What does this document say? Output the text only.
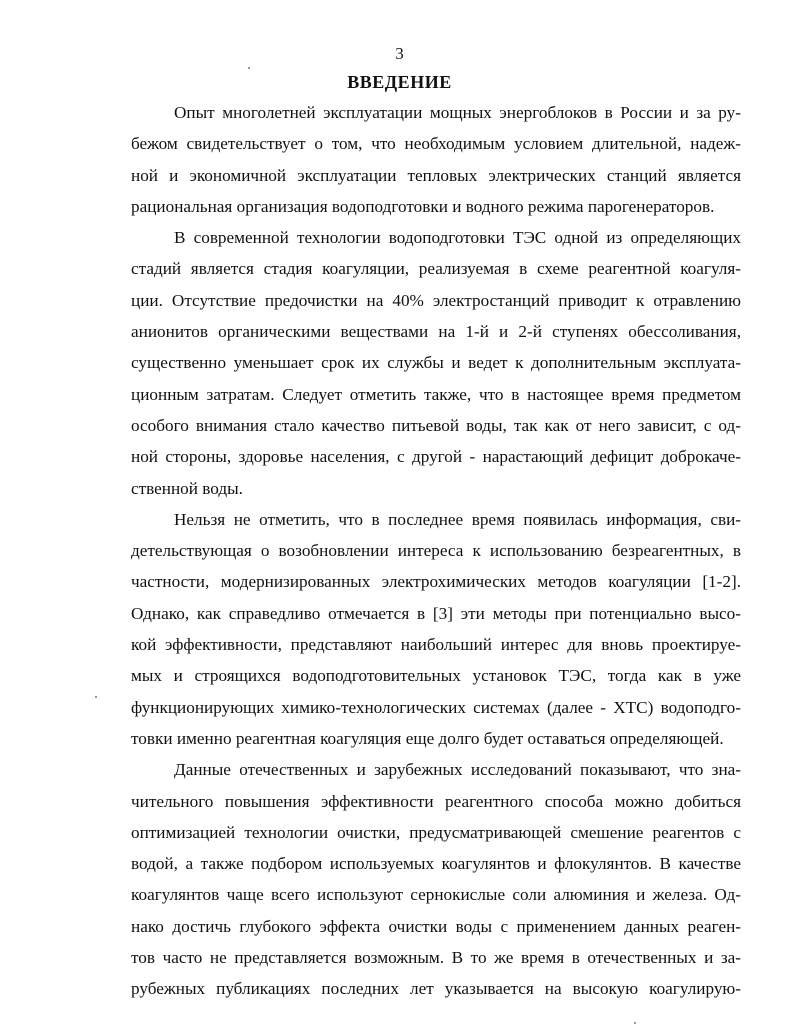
3
ВВЕДЕНИЕ

Опыт многолетней эксплуатации мощных энергоблоков в России и за ру-
бежом свидетельствует о том, что необходимым условием длительной, надеж-
ной и экономичной эксплуатации тепловых электрических станций является
рациональная организация водоподготовки и водного режима парогенераторов.

В современной технологии водоподготовки ТЭС одной из определяющих
стадий является стадия коагуляции, реализуемая в схеме реагентной коагуля-
ции. Отсутствие предочистки на 40% электростанций приводит к отравлению
анионитов органическими веществами на 1-й и 2-й ступенях обессоливания,
существенно уменьшает срок их службы и ведет к дополнительным эксплуата-
ционным затратам. Следует отметить также, что в настоящее время предметом
особого внимания стало качество питьевой воды, так как от него зависит, с од-
ной стороны, здоровье населения, с другой - нарастающий дефицит доброкаче-
ственной воды.

Нельзя не отметить, что в последнее время появилась информация, сви-
детельствующая о возобновлении интереса к использованию безреагентных, в
частности, модернизированных электрохимических методов коагуляции [1-2].
Однако, как справедливо отмечается в [3] эти методы при потенциально высо-
кой эффективности, представляют наибольший интерес для вновь проектируе-
мых и строящихся водоподготовительных установок ТЭС, тогда как в уже
функционирующих химико-технологических системах (далее - ХТС) водоподго-
товки именно реагентная коагуляция еще долго будет оставаться определяющей.

Данные отечественных и зарубежных исследований показывают, что зна-
чительного повышения эффективности реагентного способа можно добиться
оптимизацией технологии очистки, предусматривающей смешение реагентов с
водой, а также подбором используемых коагулянтов и флокулянтов. В качестве
коагулянтов чаще всего используют сернокислые соли алюминия и железа. Од-
нако достичь глубокого эффекта очистки воды с применением данных реаген-
тов часто не представляется возможным. В то же время в отечественных и за-
рубежных публикациях последних лет указывается на высокую коагулирую-
